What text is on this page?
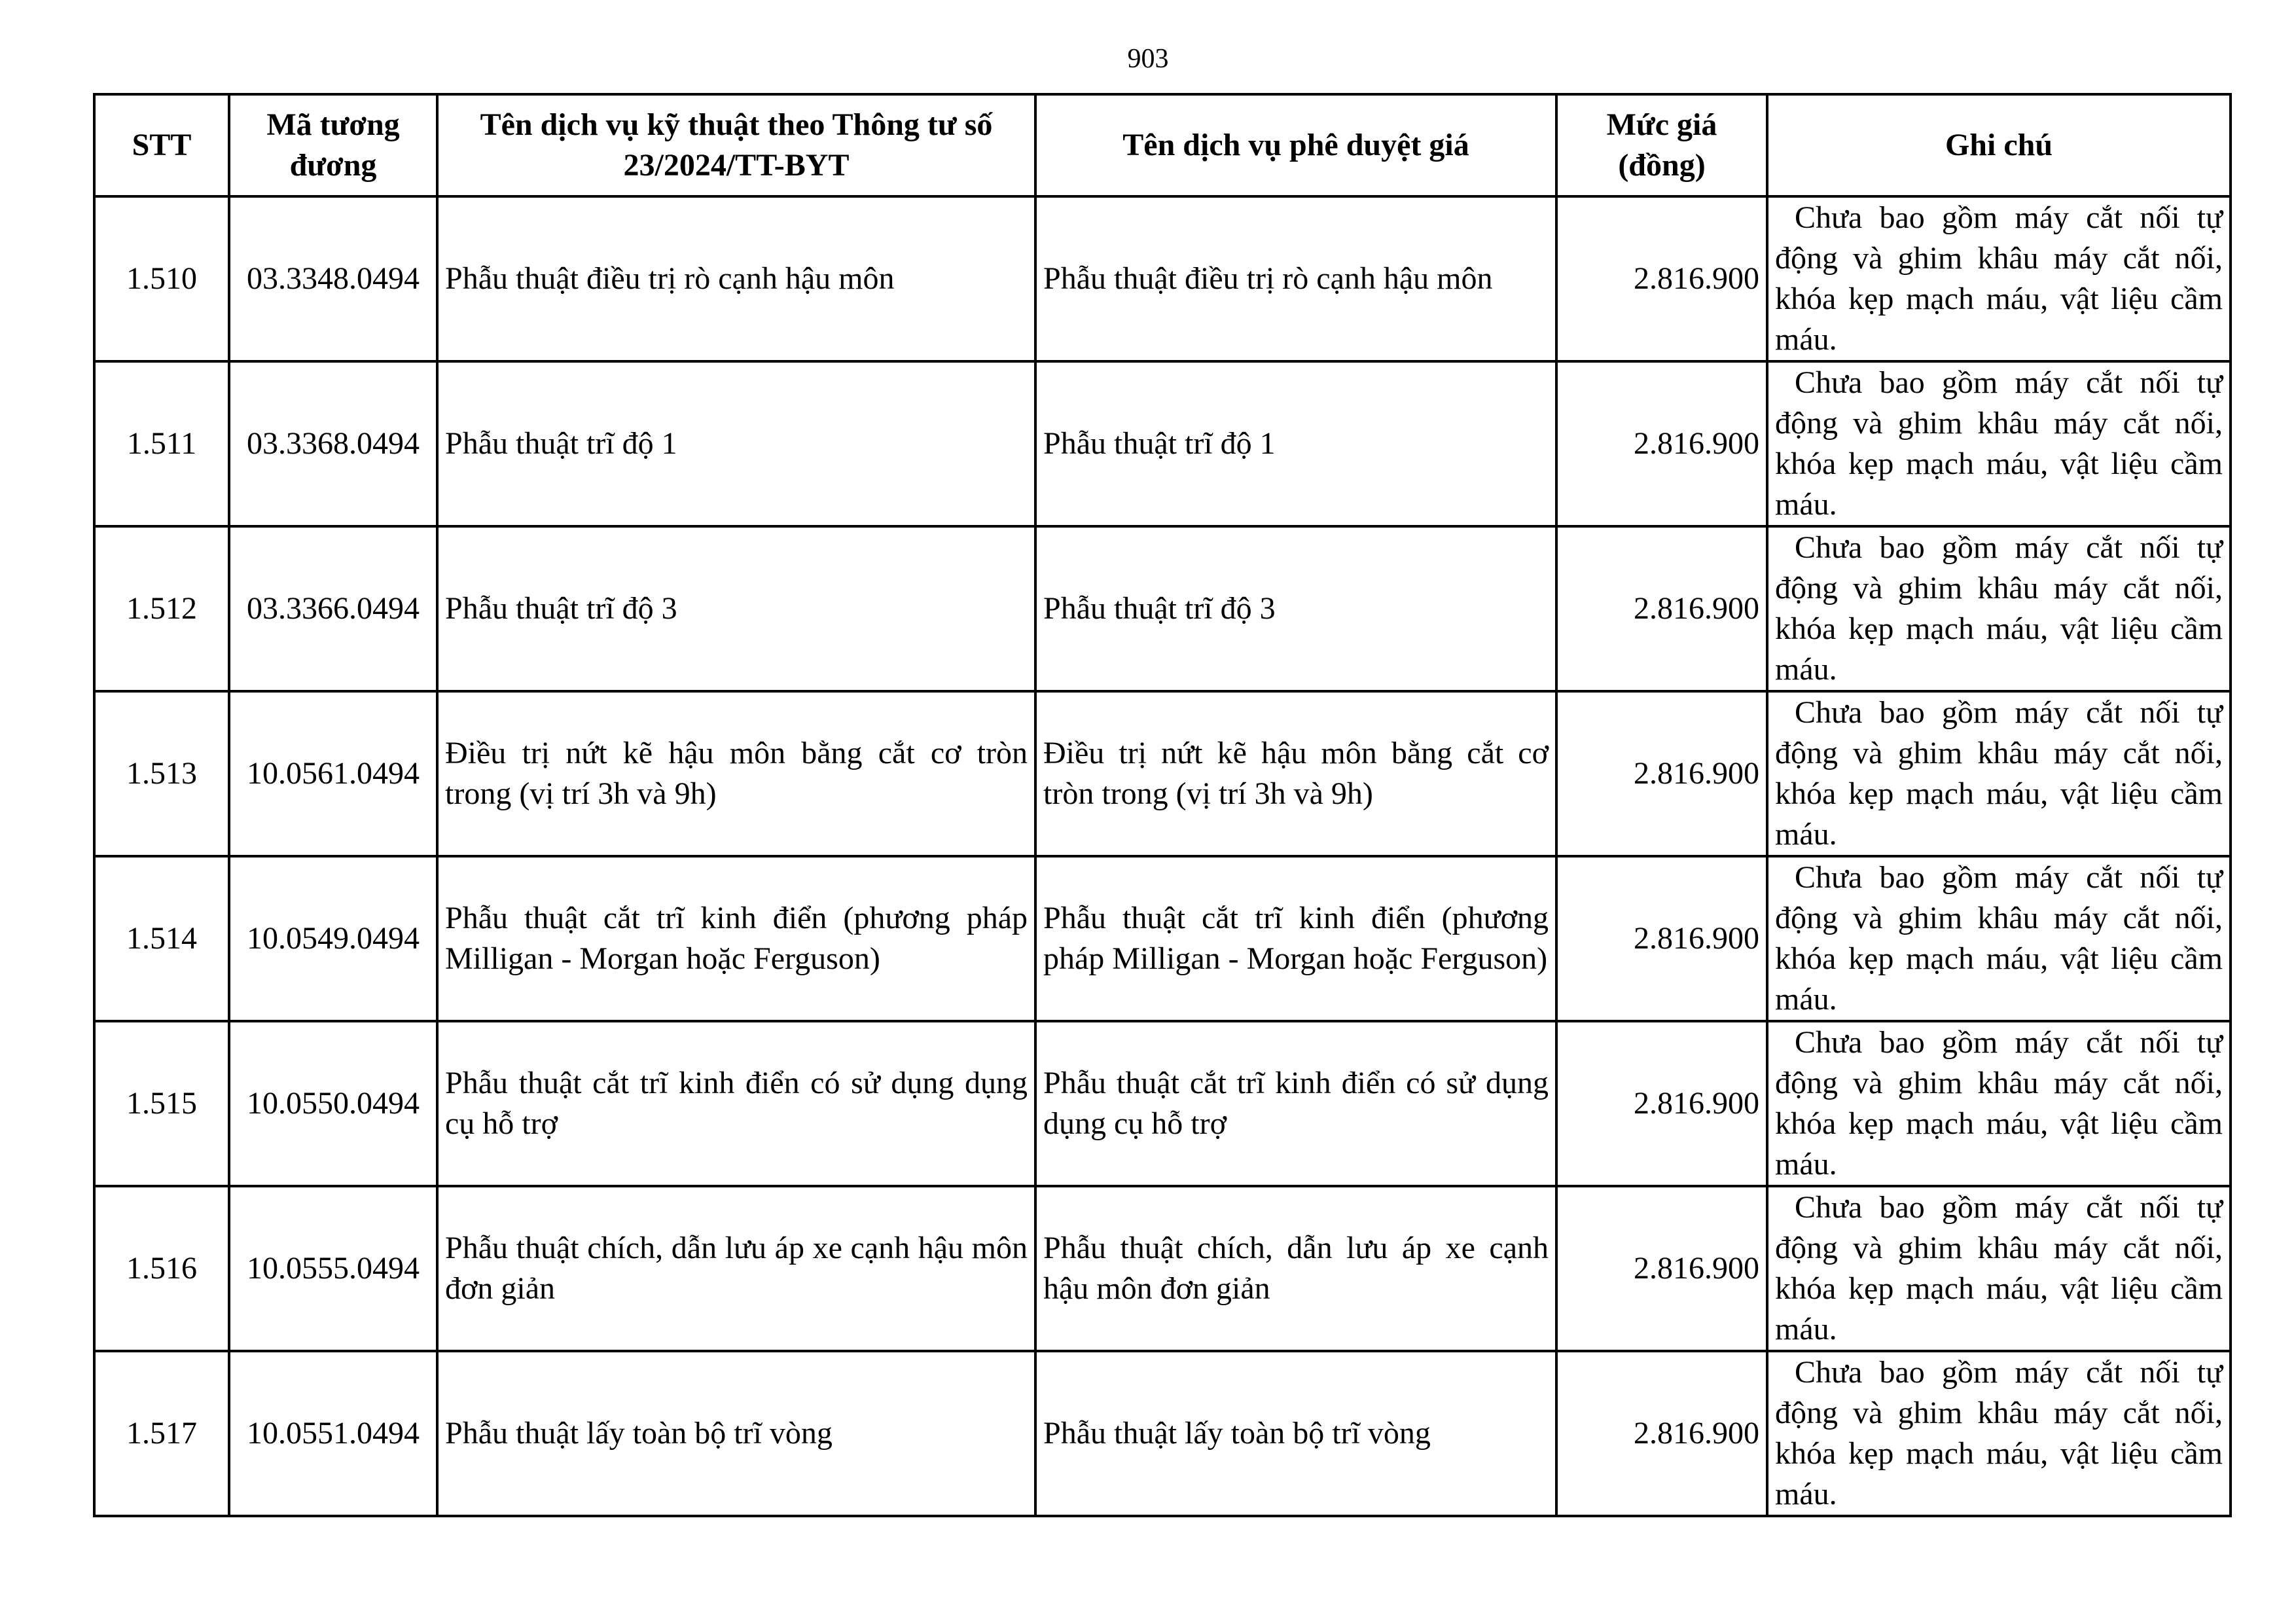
903
STT	Mã tương đương	Tên dịch vụ kỹ thuật theo Thông tư số 23/2024/TT-BYT	Tên dịch vụ phê duyệt giá	Mức giá (đồng)	Ghi chú
1.510	03.3348.0494	Phẫu thuật điều trị rò cạnh hậu môn	Phẫu thuật điều trị rò cạnh hậu môn	2.816.900	Chưa bao gồm máy cắt nối tự động và ghim khâu máy cắt nối, khóa kẹp mạch máu, vật liệu cầm máu.

1.511	03.3368.0494	Phẫu thuật trĩ độ 1	Phẫu thuật trĩ độ 1	2.816.900	Chưa bao gồm máy cắt nối tự động và ghim khâu máy cắt nối, khóa kẹp mạch máu, vật liệu cầm máu.

1.512	03.3366.0494	Phẫu thuật trĩ độ 3	Phẫu thuật trĩ độ 3	2.816.900	Chưa bao gồm máy cắt nối tự động và ghim khâu máy cắt nối, khóa kẹp mạch máu, vật liệu cầm máu.

1.513	10.0561.0494	Điều trị nứt kẽ hậu môn bằng cắt cơ tròn trong (vị trí 3h và 9h)	Điều trị nứt kẽ hậu môn bằng cắt cơ tròn trong (vị trí 3h và 9h)	2.816.900	Chưa bao gồm máy cắt nối tự động và ghim khâu máy cắt nối, khóa kẹp mạch máu, vật liệu cầm máu.

1.514	10.0549.0494	Phẫu thuật cắt trĩ kinh điển (phương pháp Milligan - Morgan hoặc Ferguson)	Phẫu thuật cắt trĩ kinh điển (phương pháp Milligan - Morgan hoặc Ferguson)	2.816.900	Chưa bao gồm máy cắt nối tự động và ghim khâu máy cắt nối, khóa kẹp mạch máu, vật liệu cầm máu.

1.515	10.0550.0494	Phẫu thuật cắt trĩ kinh điển có sử dụng dụng cụ hỗ trợ	Phẫu thuật cắt trĩ kinh điển có sử dụng dụng cụ hỗ trợ	2.816.900	Chưa bao gồm máy cắt nối tự động và ghim khâu máy cắt nối, khóa kẹp mạch máu, vật liệu cầm máu.

1.516	10.0555.0494	Phẫu thuật chích, dẫn lưu áp xe cạnh hậu môn đơn giản	Phẫu thuật chích, dẫn lưu áp xe cạnh hậu môn đơn giản	2.816.900	Chưa bao gồm máy cắt nối tự động và ghim khâu máy cắt nối, khóa kẹp mạch máu, vật liệu cầm máu.

1.517	10.0551.0494	Phẫu thuật lấy toàn bộ trĩ vòng	Phẫu thuật lấy toàn bộ trĩ vòng	2.816.900	Chưa bao gồm máy cắt nối tự động và ghim khâu máy cắt nối, khóa kẹp mạch máu, vật liệu cầm máu.
